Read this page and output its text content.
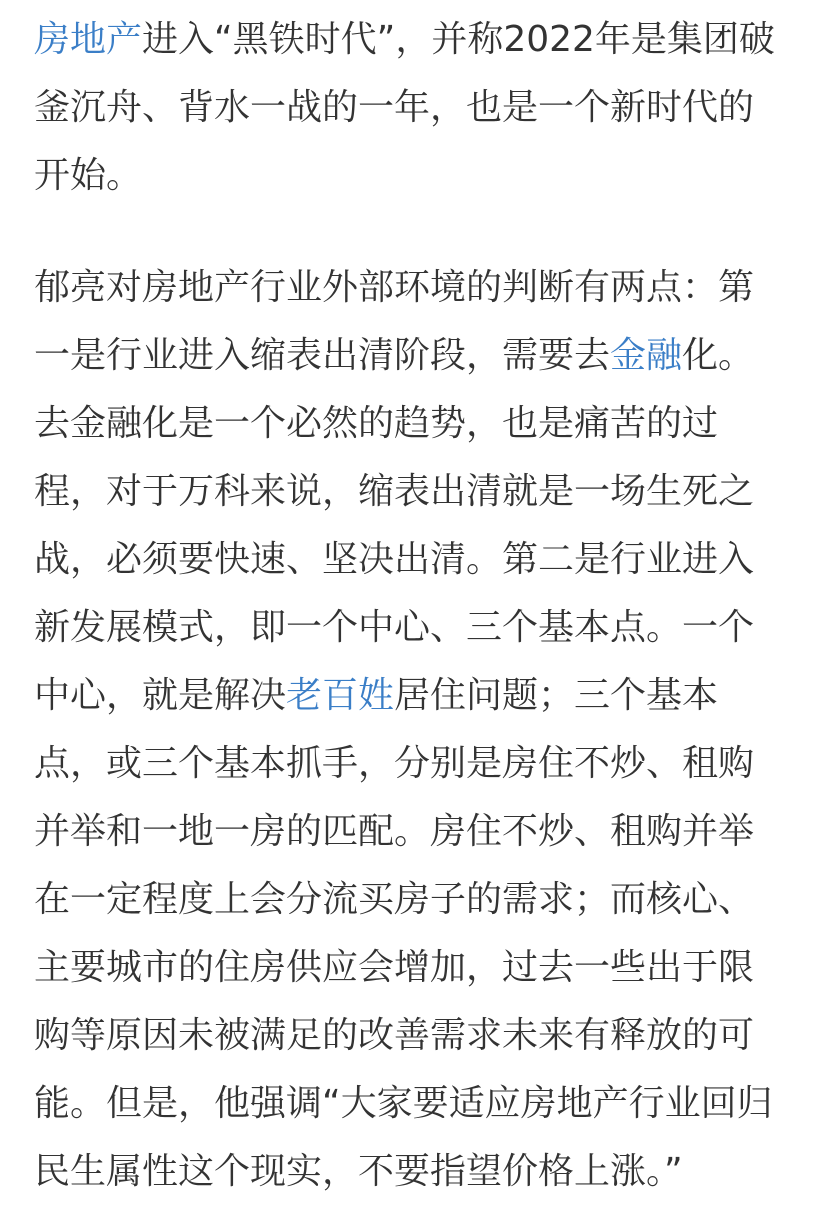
房地产进入“黑铁时代”，并称2022年是集团破
釜沉舟、背水一战的一年，也是一个新时代的
开始。
郁亮对房地产行业外部环境的判断有两点：第
一是行业进入缩表出清阶段，需要去金融化。
去金融化是一个必然的趋势，也是痛苦的过
程，对于万科来说，缩表出清就是一场生死之
战，必须要快速、坚决出清。第二是行业进入
新发展模式，即一个中心、三个基本点。一个
中心，就是解决老百姓居住问题；三个基本
点，或三个基本抓手，分别是房住不炒、租购
并举和一地一房的匹配。房住不炒、租购并举
在一定程度上会分流买房子的需求；而核心、
主要城市的住房供应会增加，过去一些出于限
购等原因未被满足的改善需求未来有释放的可
能。但是，他强调“大家要适应房地产行业回归
民生属性这个现实，不要指望价格上涨。”
